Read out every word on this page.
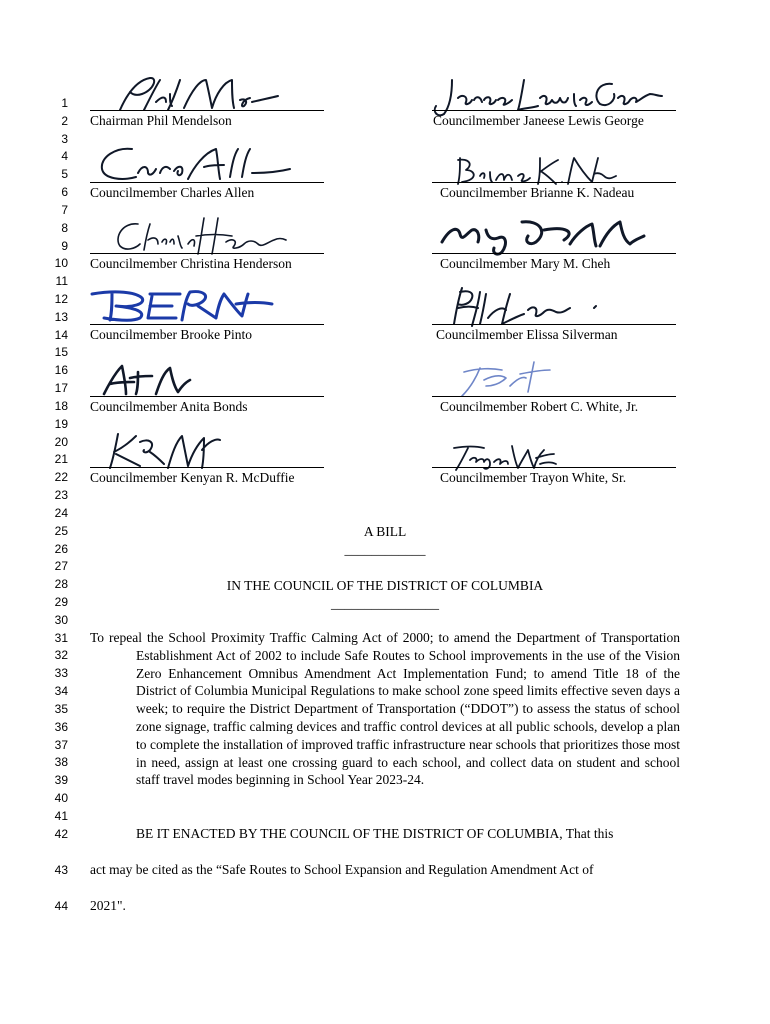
1
2
3
4
5
6
7
8
9
10
11
12
13
14
15
16
17
18
19
20
21
22
23
24
25
26
27
28
29
30
31
32
33
34
35
36
37
38
39
40
41
42
43
44
Chairman Phil Mendelson
Councilmember Charles Allen
Councilmember Christina Henderson
Councilmember Brooke Pinto
Councilmember Anita Bonds
Councilmember Kenyan R. McDuffie
Councilmember Janeese Lewis George
Councilmember Brianne K. Nadeau
Councilmember Mary M. Cheh
Councilmember Elissa Silverman
Councilmember Robert C. White, Jr.
Councilmember Trayon White, Sr.
A BILL
____________
IN THE COUNCIL OF THE DISTRICT OF COLUMBIA
________________

To repeal the School Proximity Traffic Calming Act of 2000; to amend the Department of Transportation Establishment Act of 2002 to include Safe Routes to School improvements in the use of the Vision Zero Enhancement Omnibus Amendment Act Implementation Fund; to amend Title 18 of the District of Columbia Municipal Regulations to make school zone speed limits effective seven days a week; to require the District Department of Transportation (“DDOT”) to assess the status of school zone signage, traffic calming devices and traffic control devices at all public schools, develop a plan to complete the installation of improved traffic infrastructure near schools that prioritizes those most in need, assign at least one crossing guard to each school, and collect data on student and school staff travel modes beginning in School Year 2023-24.

BE IT ENACTED BY THE COUNCIL OF THE DISTRICT OF COLUMBIA, That this
act may be cited as the “Safe Routes to School Expansion and Regulation Amendment Act of
2021".
